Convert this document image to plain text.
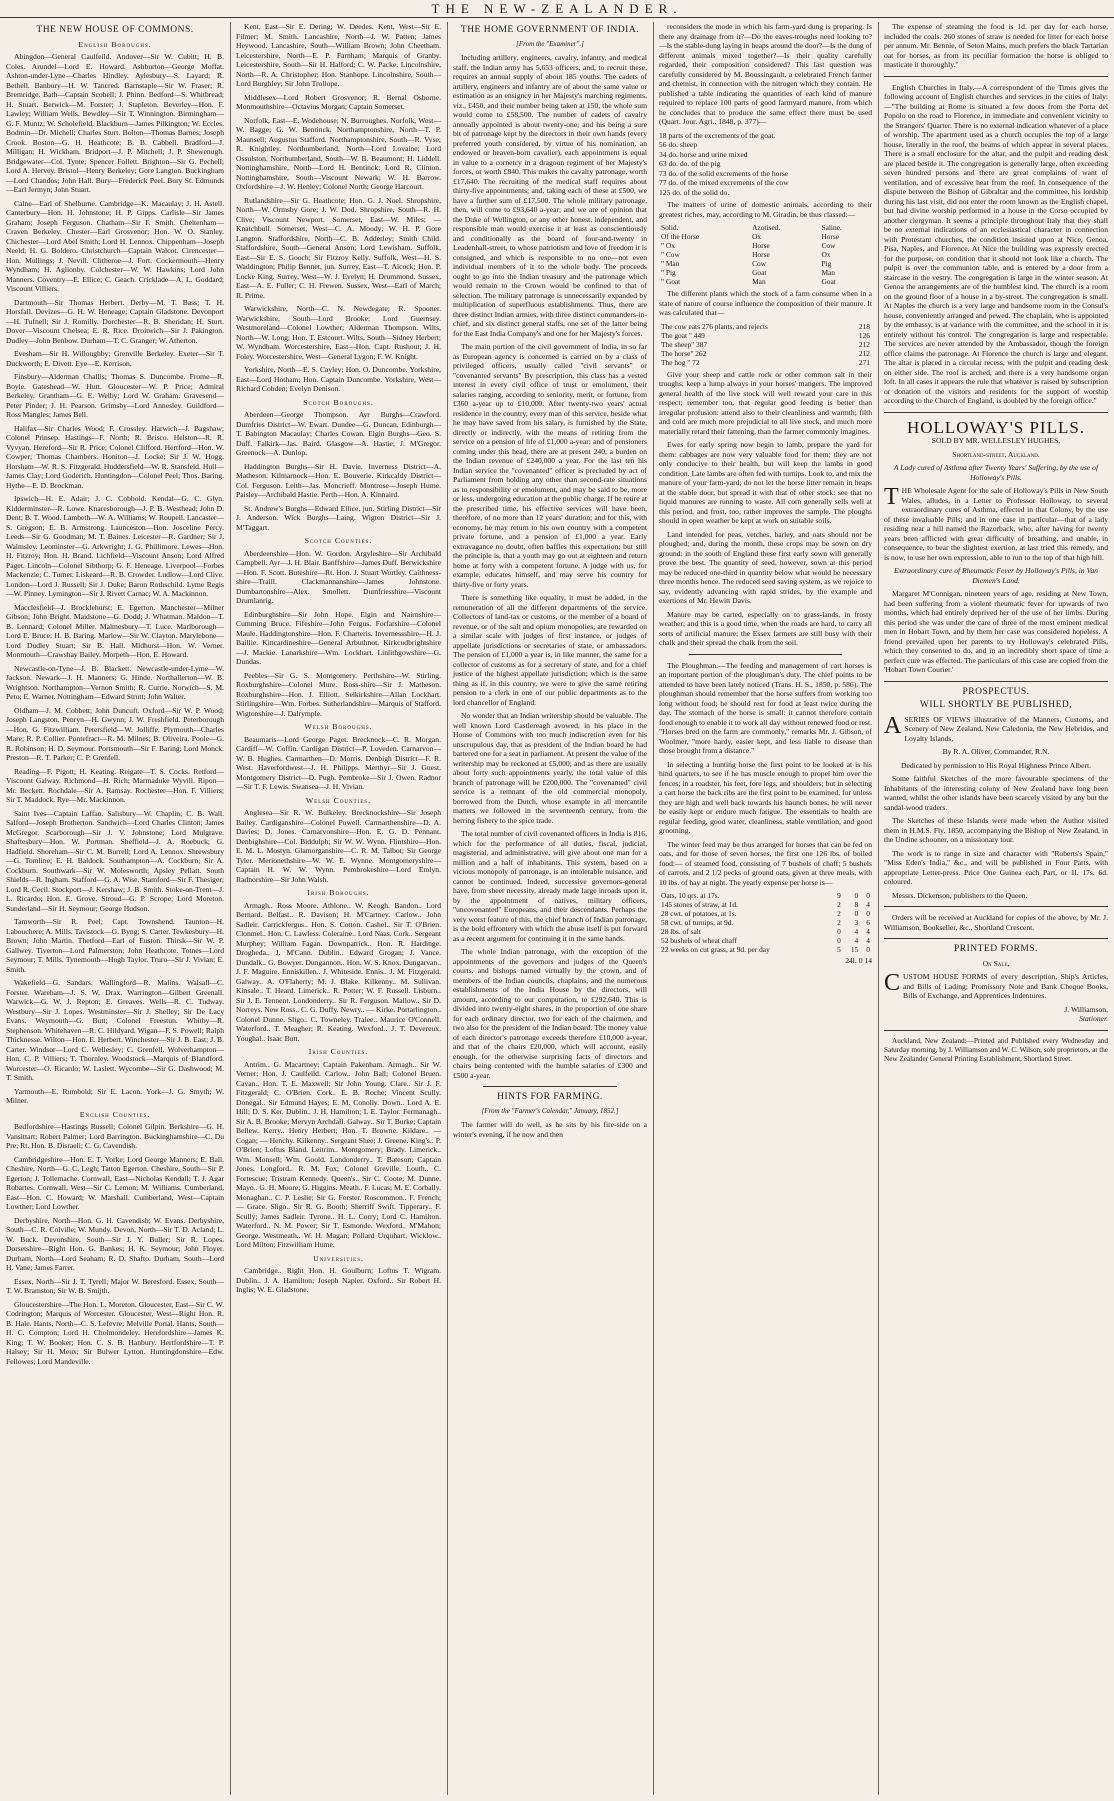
THE NEW-ZEALANDER.
THE NEW HOUSE OF COMMONS.
English Boroughs.

Abingdon—General Caulfeild. Andover—Sir W. Cubitt; H. B. Coles. Arundel—Lord E. Howard. Ashburton—George Moffat. Ashton-under-Lyne—Charles Hindley. Aylesbury—S. Layard; R. Bethell. Banbury—H. W. Tancred. Barnstaple—Sir W. Fraser; R. Bremridge. Bath—Captain Scobell; J. Phinn. Bedford—S. Whitbread; H. Stuart. Berwick—M. Forster; J. Stapleton. Beverley—Hon. F. Lawley; William Wells. Bewdley—Sir T. Winnington. Birmingham—G. F. Muntz; W. Scholefield. Blackburn—James Pilkington; W. Eccles. Bodmin—Dr. Michell; Charles Sturt. Bolton—Thomas Barnes; Joseph Crook. Boston—G. H. Heathcote; B. B. Cabbell. Bradford—J. Milligan; H. Wickham. Bridport—J. P. Mitchell; J. P. Shewenugh. Bridgewater—Col. Tynte; Spencer Follett. Brighton—Sir G. Pechell; Lord A. Hervey. Bristol—Henry Berkeley; Gore Langton. Buckingham—Lord Chandos; John Hall. Bury—Frederick Peel. Bury St. Edmunds—Earl Jermyn; John Stuart.

Calne—Earl of Shelburne. Cambridge—K. Macaulay; J. H. Astell. Canterbury—Hon. H. Johnstone; H. P. Gipps. Carlisle—Sir James Graham; Joseph Ferguson. Chatham—Sir F. Smith. Cheltenham—Craven Berkeley. Chester—Earl Grosvenor; Hon. W. O. Stanley. Chichester—Lord Abel Smith; Lord H. Lennox. Chippenham—Joseph Neeld; H. G. Boldero. Christchurch—Captain Walcot. Cirencester—Hon. Mullings; J. Nevill. Clitheroe—J. Fort. Cockermouth—Henry Wyndham; H. Aglionby. Colchester—W. W. Hawkins; Lord John Manners. Coventry—E. Ellice; C. Geach. Cricklade—A. L. Goddard; Viscount Villiers.

Dartmouth—Sir Thomas Herbert. Derby—M. T. Bass; T. H. Horsfall. Devizes—G. H. W. Heneage; Captain Gladstone. Devonport—H. Tufnell; Sir J. Romilly. Dorchester—R. B. Sheridan; H. Sturt. Dover—Viscount Chelsea; E. R. Rice. Droitwich—Sir J. Pakington. Dudley—John Benbow. Durham—T. C. Granger; W. Atherton.

Evesham—Sir H. Willoughby; Grenville Berkeley. Exeter—Sir T. Duckworth; E. Divett. Eye—E. Kerrison.

Finsbury—Alderman Challis; Thomas S. Duncombe. Frome—R. Boyle. Gateshead—W. Hutt. Gloucester—W. P. Price; Admiral Berkeley. Grantham—G. E. Welby; Lord W. Graham. Gravesend—Peter Pinder; J. H. Pearson. Grimsby—Lord Annesley. Guildford—Ross Mangles; James Bell.

Halifax—Sir Charles Wood; F. Crossley. Harwich—J. Bagshaw; Colonel Prinsep. Hastings—F. North; R. Brisco. Helston—R. R. Vyvyan. Hereford—Sir R. Price; Colonel Clifford. Hertford—Hon. W. Cowper; Thomas Chambers. Honiton—J. Locke; Sir J. W. Hogg. Horsham—W. R. S. Fitzgerald. Huddersfield—W. R. Stansfeld. Hull—James Clay; Lord Goderich. Huntingdon—Colonel Peel; Thos. Baring. Hythe—E. D. Brockman.

Ipswich—H. E. Adair; J. C. Cobbold. Kendal—G. C. Glyn. Kidderminster—R. Lowe. Knaresborough—J. P. B. Westhead; John D. Dent; B. T. Wood. Lambeth—W. A. Williams; W. Roupell. Lancaster—S. Gregson; E. B. Armstrong. Launceston—Hon. Josceline Percy. Leeds—Sir G. Goodman; M. T. Baines. Leicester—R. Gardner; Sir J. Walmsley. Leominster—G. Arkwright; J. G. Phillimore. Lewes—Hon. H. Fitzroy; Hon. H. Brand. Lichfield—Viscount Anson; Lord Alfred Paget. Lincoln—Colonel Sibthorp; G. F. Heneage. Liverpool—Forbes Mackenzie; C. Turner. Liskeard—R. B. Crowder. Ludlow—Lord Clive. London—Lord J. Russell; Sir J. Duke; Baron Rothschild. Lyme Regis—W. Pinney. Lymington—Sir J. Rivett Carnac; W. A. Mackinnon.

Macclesfield—J. Brocklehurst; E. Egerton. Manchester—Milner Gibson; John Bright. Maidstone—G. Dodd; J. Whatman. Maldon—T. B. Lennard; Colonel Miller. Malmesbury—T. Luce. Marlborough—Lord E. Bruce; H. B. Baring. Marlow—Sir W. Clayton. Marylebone—Lord Dudley Stuart; Sir B. Hall. Midhurst—Hon. W. Verner. Monmouth—Crawshay Bailey. Morpeth—Hon. E. Howard.

Newcastle-on-Tyne—J. B. Blackett. Newcastle-under-Lyme—W. Jackson. Newark—J. H. Manners; G. Hinde. Northallerton—W. B. Wrightson. Northampton—Vernon Smith; R. Currie. Norwich—S. M. Peto; E. Warner. Nottingham—Edward Strutt; John Walter.

Oldham—J. M. Cobbett; John Duncuft. Oxford—Sir W. P. Wood; Joseph Langston. Penryn—H. Gwynn; J. W. Freshfield. Peterborough—Hon. G. Fitzwilliam. Petersfield—W. Jolliffe. Plymouth—Charles Mare; R. P. Collier. Pontefract—R. M. Milnes; B. Oliveira. Poole—G. R. Robinson; H. D. Seymour. Portsmouth—Sir F. Baring; Lord Monck. Preston—R. T. Parker; C. P. Grenfell.

Reading—F. Pigott; H. Keating. Reigate—T. S. Cocks. Retford—Viscount Galway. Richmond—H. Rich; Marmaduke Wyvill. Ripon—Mr. Beckett. Rochdale—Sir A. Ramsay. Rochester—Hon. F. Villiers; Sir T. Maddock. Rye—Mr. Mackinnon.

Saint Ives—Captain Laffan. Salisbury—W. Chaplin; C. B. Wall. Salford—Joseph Brotherton. Sandwich—Lord Charles Clinton; James McGregor. Scarborough—Sir J. V. Johnstone; Lord Mulgrave. Shaftesbury—Hon. W. Portman. Sheffield—J. A. Roebuck; G. Hadfield. Shoreham—Sir C. M. Burrell; Lord A. Lennox. Shrewsbury—G. Tomline; E. H. Baldock. Southampton—A. Cockburn; Sir A. Cockburn. Southwark—Sir W. Molesworth; Apsley Pellatt. South Shields—R. Ingham. Stafford—G. A. Wise. Stamford—Sir F. Thesiger; Lord R. Cecil. Stockport—J. Kershaw; J. B. Smith. Stoke-on-Trent—J. L. Ricardo; Hon. E. Grove. Stroud—G. P. Scrope; Lord Moreton. Sunderland—Sir H. Seymour; George Hudson.

Tamworth—Sir R. Peel; Capt. Townshend. Taunton—H. Labouchere; A. Mills. Tavistock—G. Byng; S. Carter. Tewkesbury—H. Brown; John Martin. Thetford—Earl of Euston. Thirsk—Sir W. P. Gallwey. Tiverton—Lord Palmerston; John Heathcote. Totnes—Lord Seymour; T. Mills. Tynemouth—Hugh Taylor. Truro—Sir J. Vivian; E. Smith.

Wakefield—G. Sandars. Wallingford—R. Malins. Walsall—C. Forster. Wareham—J. S. W. Drax. Warrington—Gilbert Greenall. Warwick—G. W. J. Repton; E. Greaves. Wells—R. C. Tudway. Westbury—Sir J. Lopes. Westminster—Sir J. Shelley; Sir De Lacy Evans. Weymouth—G. Butt; Colonel Freestun. Whitby—R. Stephenson. Whitehaven—R. C. Hildyard. Wigan—F. S. Powell; Ralph Thicknesse. Wilton—Hon. E. Herbert. Winchester—Sir J. B. East; J. B. Carter. Windsor—Lord C. Wellesley; C. Grenfell. Wolverhampton—Hon. C. P. Villiers; T. Thornley. Woodstock—Marquis of Blandford. Worcester—O. Ricardo; W. Laslett. Wycombe—Sir G. Dashwood; M. T. Smith.

Yarmouth—E. Rumbold; Sir E. Lacon. York—J. G. Smyth; W. Milner.

English Counties.

Bedfordshire—Hastings Russell; Colonel Gilpin. Berkshire—G. H. Vansittart; Robert Palmer; Lord Barrington. Buckinghamshire—C. Du Pre; Rt. Hon. B. Disraeli; C. G. Cavendish.

Cambridgeshire—Hon. E. T. Yorke; Lord George Manners; E. Ball. Cheshire, North—G. C. Legh; Tatton Egerton. Cheshire, South—Sir P. Egerton; J. Tollemache. Cornwall, East—Nicholas Kendall; T. J. Agar Robartes. Cornwall, West—Sir C. Lemon; M. Williams. Cumberland, East—Hon. C. Howard; W. Marshall. Cumberland, West—Captain Lowther; Lord Lowther.

Derbyshire, North—Hon. G. H. Cavendish; W. Evans. Derbyshire, South—C. R. Colville; W. Mundy. Devon, North—Sir T. D. Acland; L. W. Buck. Devonshire, South—Sir J. Y. Buller; Sir R. Lopes. Dorsetshire—Right Hon. G. Bankes; H. K. Seymour; John Floyer. Durham, North—Lord Seaham; R. D. Shafto. Durham, South—Lord H. Vane; James Farrer.

Essex, North—Sir J. T. Tyrell; Major W. Beresford. Essex, South—T. W. Bramston; Sir W. B. Smijth.

Gloucestershire—The Hon. L. Moreton. Gloucester, East—Sir C. W. Codrington; Marquis of Worcester. Gloucester, West—Right Hon. R. B. Hale. Hants, North—C. S. Lefevre; Melville Portal. Hants, South—H. C. Compton; Lord H. Cholmondeley. Herefordshire—James K. King; T. W. Booker; Hon. C. S. B. Hanbury. Hertfordshire—T. P. Halsey; Sir H. Meux; Sir Bulwer Lytton. Huntingdonshire—Edw. Fellowes; Lord Mandeville.

Kent, East—Sir E. Dering; W. Deedes. Kent, West—Sir E. Filmer; M. Smith. Lancashire, North—J. W. Patten; James Heywood. Lancashire, South—William Brown; John Cheetham. Leicestershire, North—E. P. Farnham; Marquis of Granby. Leicestershire, South—Sir H. Halford; C. W. Packe. Lincolnshire, North—R. A. Christopher; Hon. Stanhope. Lincolnshire, South—Lord Burghley; Sir John Trollope.

Middlesex—Lord Robert Grosvenor; R. Bernal Osborne. Monmouthshire—Octavius Morgan; Captain Somerset.

Norfolk, East—E. Wodehouse; N. Burroughes. Norfolk, West—W. Bagge; G. W. Bentinck. Northamptonshire, North—T. P. Maunsell; Augustus Stafford. Northamptonshire, South—R. Vyse; R. Knightley. Northumberland, North—Lord Lovaine; Lord Ossulston. Northumberland, South—W. B. Beaumont; H. Liddell. Nottinghamshire, North—Lord H. Bentinck; Lord R. Clinton. Nottinghamshire, South—Viscount Newark; W. H. Barrow. Oxfordshire—J. W. Henley; Colonel North; George Harcourt.

Rutlandshire—Sir G. Heathcote; Hon. G. J. Noel. Shropshire, North—W. Ormsby Gore; J. W. Dod. Shropshire, South—R. H. Clive; Viscount Newport. Somerset, East—W. Miles; —Knatchbull. Somerset, West—C. A. Moody; W. H. P. Gore Langton. Staffordshire, North—C. B. Adderley; Smith Child. Staffordshire, South—General Anson; Lord Lewisham. Suffolk, East—Sir E. S. Gooch; Sir Fitzroy Kelly. Suffolk, West—H. S. Waddington; Philip Bennet, jun. Surrey, East—T. Alcock; Hon. P. Locke King. Surrey, West—W. J. Evelyn; H. Drummond. Sussex, East—A. E. Fuller; C. H. Frewen. Sussex, West—Earl of March; R. Prime.

Warwickshire, North—C. N. Newdegate; R. Spooner. Warwickshire, South—Lord Brooke; Lord Guernsey. Westmoreland—Colonel Lowther; Alderman Thompson. Wilts, North—W. Long; Hon. T. Estcourt. Wilts, South—Sidney Herbert; W. Wyndham. Worcestershire, East—Hon. Capt. Rushout; J. H. Foley. Worcestershire, West—General Lygon; F. W. Knight.

Yorkshire, North—E. S. Cayley; Hon. O. Duncombe. Yorkshire, East—Lord Hotham; Hon. Captain Duncombe. Yorkshire, West—Richard Cobden; Evelyn Denison.

Scotch Boroughs.

Aberdeen—George Thompson. Ayr Burghs—Crawford. Dumfries District—W. Ewart. Dundee—G. Duncan. Edinburgh—T. Babington Macaulay; Charles Cowan. Elgin Burghs—Geo. S. Duff. Falkirk—Jas. Baird. Glasgow—A. Hastie; J. M'Gregor. Greenock—A. Dunlop.

Haddington Burghs—Sir H. Davie. Inverness District—A. Matheson. Kilmarnock—Hon. E. Bouverie. Kirkcaldy District—Col. Ferguson. Leith—Jas. Moncrieff. Montrose—Joseph Hume. Paisley—Archibald Hastie. Perth—Hon. A. Kinnaird.

St. Andrew's Burghs—Edward Ellice, jun. Stirling District—Sir J. Anderson. Wick Burghs—Laing. Wigton District—Sir J. M'Taggart.

Scotch Counties.

Aberdeenshire—Hon. W. Gordon. Argyleshire—Sir Archibald Campbell. Ayr—J. H. Blair. Banffshire—James Duff. Berwickshire—Hon. F. Scott. Buteshire—Rt. Hon. J. Stuart Wortley. Caithness-shire—Traill. Clackmannanshire—James Johnstone. Dumbartonshire—Alex. Smollett. Dumfriesshire—Viscount Drumlanrig.

Edinburghshire—Sir John Hope. Elgin and Nairnshire—Cumming Bruce. Fifeshire—John Fergus. Forfarshire—Colonel Maule. Haddingtonshire—Hon. F. Charteris. Invernessshire—H. J. Baillie. Kincardineshire—General Arbuthnot. Kirkcudbrightshire—J. Mackie. Lanarkshire—Wm. Lockhart. Linlithgowshire—G. Dundas.

Peebles—Sir G. S. Montgomery. Perthshire—W. Stirling. Roxburghshire—Colonel Mure. Ross-shire—Sir J. Matheson. Roxburghshire—Hon. J. Elliott. Selkirkshire—Allan Lockhart. Stirlingshire—Wm. Forbes. Sutherlandshire—Marquis of Stafford. Wigtonshire—J. Dalrymple.

Welsh Boroughs.

Beaumaris—Lord George Paget. Brecknock—C. R. Morgan. Cardiff—W. Coffin. Cardigan District—P. Loveden. Carnarvon—W. B. Hughes. Carmarthen—D. Morris. Denbigh District—F. R. West. Haverfordwest—J. H. Philipps. Merthyr—Sir J. Guest. Montgomery District—D. Pugh. Pembroke—Sir J. Owen. Radnor—Sir T. F. Lewis. Swansea—J. H. Vivian.

Welsh Counties.

Anglesea—Sir R. W. Bulkeley. Brecknockshire—Sir Joseph Bailey. Cardiganshire—Colonel Powell. Carmarthenshire—D. A. Davies; D. Jones. Carnarvonshire—Hon. E. G. D. Pennant. Denbighshire—Col. Biddulph; Sir W. W. Wynn. Flintshire—Hon. E. M. L. Mostyn. Glamorganshire—C. R. M. Talbot; Sir George Tyler. Merionethshire—W. W. E. Wynne. Montgomeryshire—Captain H. W. W. Wynn. Pembrokeshire—Lord Emlyn. Radnorshire—Sir John Walsh.

Irish Boroughs.

Armagh.. Ross Moore. Athlone.. W. Keogh. Bandon.. Lord Bernard. Belfast.. R. Davison; H. M'Cartney. Carlow.. John Sadleir. Carrickfergus.. Hon. S. Cotton. Cashel.. Sir T. O'Brien. Clonmel.. Hon. C. Lawless. Coleraine.. Lord Naas. Cork.. Sergeant Murphey; William Fagan. Downpatrick.. Hon. R. Hardinge. Drogheda.. J. M'Cann. Dublin.. Edward Grogan; J. Vance. Dundalk.. G. Bowyer. Dungannon.. Hon. W. S. Knox. Dungarvan.. J. F. Maguire. Enniskillen.. J. Whiteside. Ennis.. J. M. Fitzgerald. Galway.. A. O'Flaherty; M. J. Blake. Kilkenny.. M. Sullivan. Kinsale.. T. Heard. Limerick.. R. Potter; W. F. Russell. Lisburn.. Sir J. E. Tennent. Londonderry.. Sir R. Ferguson. Mallow.. Sir D. Norreys. New Ross.. C. G. Duffy. Newry.. — Kirke. Portarlington.. Colonel Dunne. Sligo.. C. Towneley. Tralee.. Maurice O'Connell. Waterford.. T. Meagher; R. Keating. Wexford.. J. T. Devereux. Youghal.. Isaac Butt.

Irish Counties.

Antrim.. G. Macartney; Captain Pakenham. Armagh.. Sir W. Verner; Hon. J. Caulfeild. Carlow.. John Ball; Colonel Bruen. Cavan.. Hon. T. E. Maxwell; Sir John Young. Clare.. Sir J. F. Fitzgerald; C. O'Brien. Cork.. E. B. Roche; Vincent Scully. Donegal.. Sir Edmund Hayes; E. M. Conolly. Down.. Lord A. E. Hill; D. S. Ker. Dublin.. J. H. Hamilton; I. E. Taylor. Fermanagh.. Sir A. B. Brooke; Mervyn Archdall. Galway.. Sir T. Burke; Captain Bellew. Kerry.. Henry Herbert; Hon. T. Browne. Kildare.. — Cogan; — Henchy. Kilkenny.. Sergeant Shee; J. Greene. King's.. P. O'Brien; Loftus Bland. Leitrim.. Montgomery; Brady. Limerick.. Wm. Monsell; Wm. Goold. Londonderry.. T. Bateson; Captain Jones. Longford.. R. M. Fox; Colonel Greville. Louth.. C. Fortescue; Tristram Kennedy. Queen's.. Sir C. Coote; M. Dunne. Mayo.. G. H. Moore; G. Higgins. Meath.. F. Lucas; M. E. Corbally. Monaghan.. C. P. Leslie; Sir G. Forster. Roscommon.. F. French; — Grace. Sligo.. Sir R. G. Booth; Sherriff Swift. Tipperary.. F. Scully; James Sadleir. Tyrone.. H. L. Corry; Lord C. Hamilton. Waterford.. N. M. Power; Sir T. Esmonde. Wexford.. M'Mahon; George. Westmeath.. W. H. Magan; Pollard Urquhart. Wicklow.. Lord Milton; Fitzwilliam Hume.

Universities.

Cambridge.. Right Hon. H. Goulburn; Loftus T. Wigram. Dublin.. J. A. Hamilton; Joseph Napier. Oxford.. Sir Robert H. Inglis; W. E. Gladstone.

THE HOME GOVERNMENT OF INDIA.

[From the "Examiner".]

Including artillery, engineers, cavalry, infantry, and medical staff, the Indian army has 5,653 officers, and, to recruit these, requires an annual supply of about 185 youths. The cadets of artillery, engineers and infantry are of about the same value or estimation as an ensigncy in her Majesty's marching regiments, viz., £450, and their number being taken at 150, the whole sum would come to £58,500. The number of cadets of cavalry annually appointed is about twenty-one; and his being a sure bit of patronage kept by the directors in their own hands (every preferred youth considered, by virtue of his nomination, an endowed or heaven-born cavalier), each appointment is equal in value to a cornetcy in a dragoon regiment of her Majesty's forces, or worth £840. This makes the cavalry patronage, worth £17,640. The recruiting of the medical staff requires about thirty-five appointments; and, taking each of these at £500, we have a further sum of £17,500. The whole military patronage, then, will come to £93,640 a-year; and we are of opinion that the Duke of Wellington, or any other honest, independent, and responsible man would exercise it at least as conscientiously and conditionally as the board of four-and-twenty in Leadenhall-street, to whose patriotism and love of freedom it is consigned, and which is responsible to no one—not even individual members of it to the whole body. The proceeds ought to go into the Indian treasury and the patronage which would remain to the Crown would be confined to that of selection. The military patronage is unnecessarily expanded by multiplication of superfluous establishments. Thus, there are three distinct Indian armies, with three distinct commanders-in-chief, and six distinct general staffs, one set of the latter being for the East India Company's and one for her Majesty's forces.

The main portion of the civil government of India, in so far as European agency is concerned is carried on by a class of privileged officers, usually called "civil servants" or "covenanted servants" By prescription, this class has a vested interest in every civil office of trust or emolument, their salaries ranging, according to seniority, merit, or fortune, from £360 a-year up to £10,000. After twenty-two years' actual residence in the country, every man of this service, beside what he may have saved from his salary, is furnished by the State, directly or indirectly, with the means of retiring from the service on a pension of life of £1,000 a-year; and of pensioners coming under this head, there are at present 240, a burden on the Indian revenue of £240,000 a year. For the last ten his Indian service the "covenanted" officer is precluded by act of Parliament from holding any other than second-rate situations as to responsibility or emolument, and may be said to be, more or less, undergoing education at the public charge. If he retire at the prescribed time, his effective services will have been, therefore, of no more than 12 years' duration; and for this, with economy, he may return to his own country with a competent private fortune, and a pension of £1,000 a year. Early extravagance no doubt, often baffles this expectation; but still the principle is, that a youth may go out at eighteen and return home at forty with a competent fortune. A judge with us, for example, educates himself, and may serve his country for thirty-five or forty years.

There is something like equality, it must be added, in the remuneration of all the different departments of the service. Collectors of land-tax or customs, or the member of a board of revenue, or of the salt and opium monopolies, are rewarded on a similar scale with judges of first instance, or judges of appellate jurisdictions or secretaries of state, or ambassadors. The pension of £1,000 a year is, in like manner, the same for a collector of customs as for a secretary of state, and for a chief justice of the highest appellate jurisdiction; which is the same thing as if, in this country, we were to give the same retiring pension to a clerk in one of our public departments as to the lord chancellor of England.

No wonder that an Indian writership should be valuable. The well known Lord Castlereagh avowed, in his place in the House of Commons with too much indiscretion even for his unscrupulous day, that as president of the Indian board he had bartered one for a seat in parliament. At present the value of the writership may be reckoned at £5,000; and as there are usually about forty such appointments yearly, the total value of this branch of patronage will be £200,000. The "covenanted" civil service is a remnant of the old commercial monopoly, borrowed from the Dutch, whose example in all mercantile matters we followed in the seventeenth century, from the herring fishery to the spice trade.

The total number of civil covenanted officers in India is 816, which for the performance of all duties, fiscal, judicial, magisterial, and administrative, will give about one man for a million and a half of inhabitants. This system, based on a vicious monopoly of patronage, is an intolerable nuisance, and cannot be continued. Indeed, successive governors-general have, from sheer necessity, already made large inroads upon it, by the appointment of natives, military officers, "uncovenanted" Europeans, and their descendants. Perhaps the very worst feature of this, the chief branch of Indian patronage, is the bold effrontery with which the abuse itself is put forward as a recent argument for continuing it in the same hands.

The whole Indian patronage, with the exception of the appointments of the governors and judges of the Queen's courts, and bishops named virtually by the crown, and of members of the Indian councils, chaplains, and the numerous establishments of the India House by the directors, will amount, according to our computation, to £292,640. This is divided into twenty-eight shares, in the proportion of one share for each ordinary director, two for each of the chairmen, and two also for the president of the Indian board. The money value of each director's patronage exceeds therefore £10,000 a-year, and that of the chairs £20,000, which will account, easily enough, for the otherwise surprising facts of directors and chairs being contented with the humble salaries of £300 and £500 a-year.

HINTS FOR FARMING.

[From the "Farmer's Calendar," January, 1852.]

The farmer will do well, as he sits by his fire-side on a winter's evening, if he now and then

reconsiders the mode in which his farm-yard dung is preparing. Is there any drainage from it?—Do the eaves-troughs need looking to?—Is the stable-dung laying in heaps around the door?—Is the dung of different animals mixed together?—Is their quality carefully regarded, their composition considered? This last question was carefully considered by M. Boussingault, a celebrated French farmer and chemist, in connection with the nitrogen which they contain. He published a table indicating the quantities of each kind of manure required to replace 100 parts of good farmyard manure, from which he concludes that to produce the same effect there must be used (Quart. Jour. Agri., 1848, p. 377)—

18 parts of the excrements of the goat.

56 do. sheep

34 do. horse and urine mixed

63 do. do. of the pig

73 do. of the solid excrements of the horse

77 do. of the mixed excrements of the cow

125 do. of the solid do.

The matters of urine of domestic animals, according to their greatest riches, may, according to M. Giradin, be thus classed:—

Solid.	Azotised.	Saline.
Of the Horse	Ox	Horse
" Ox	Horse	Cow
" Cow	Horse	Ox
" Man	Cow	Pig
" Pig	Goat	Man
" Goat	Man	Goat

The different plants which the stock of a farm consume when in a state of nature of course influence the composition of their manure. It was calculated that—

The cow eats 276 plants, and rejects	218
The goat " 449	126
The sheep" 387	212
The horse" 262	212
The hog " 72	271

Give your sheep and cattle rock or other common salt in their troughs; keep a lump always in your horses' mangers. The improved general health of the live stock will well reward your care in this respect; remember too, that regular good feeding is better than irregular profusion: attend also to their cleanliness and warmth; filth and cold are much more prejudicial to all live stock, and much more materially retard their fattening, than the farmer commonly imagines.

Ewes for early spring now begin to lamb, prepare the yard for them: cabbages are now very valuable food for them; they are not only conducive to their health, but will keep the lambs in good condition. Late lambs are often fed with turnips. Look to, and mix the manure of your farm-yard; do not let the horse litter remain in heaps at the stable door, but spread it with that of other stock: see that no liquid manures are running to waste. All corn generally sells well at this period, and frost, too, rather improves the sample. The ploughs should in open weather be kept at work on suitable soils.

Land intended for peas, vetches, barley, and oats should not be ploughed; and, during the month, these crops may be sown on dry ground: in the south of England these first early sown will generally prove the best. The quantity of seed, however, sown at this period may be reduced one-third in quantity below what would be necessary three months hence. The reduced seed saving system, as we rejoice to say, evidently advancing with rapid strides, by the example and exertions of Mr. Hewitt Davis.

Manure may be carted, especially on to grass-lands, in frosty weather; and this is a good time, when the roads are hard, to carry all sorts of artificial manure; the Essex farmers are still busy with their chalk and their spread the chalk from the soil.

The Ploughman.—The feeding and management of cart horses is an important portion of the ploughman's duty. The chief points to be attended to have been lately noticed (Trans. H. S., 1850, p. 586). The ploughman should remember that the horse suffers from working too long without food; he should rest for food at least twice during the day. The stomach of the horse is small: it cannot therefore contain food enough to enable it to work all day without renewed food or rest. "Horses bred on the farm are commonly," remarks Mr. J. Gibson, of Woolmer, "more hardy, easier kept, and less liable to disease than those brought from a distance."

In selecting a hunting horse the first point to be looked at is his hind quarters, to see if he has muscle enough to propel him over the fences; in a roadster, his feet, fore legs, and shoulders; but in selecting a cart horse the back ribs are the first point to be examined, for unless they are high and well back towards his haunch bones, he will never be easily kept or endure much fatigue. The essentials to health are regular feeding, good water, cleanliness, stable ventilation, and good grooming.

The winter feed may be thus arranged for horses that can be fed on oats, and for those of seven horses, the first one 126 lbs. of boiled food:— of steamed food, consisting of 7 bushels of chaff; 5 bushels of carrots, and 2 1/2 pecks of ground oats, given at three meals, with 10 lbs. of hay at night. The yearly expense per horse is—

Oats, 10 qrs. at 17s.	9	0	0
145 stones of straw, at 1d.	2	8	4
28 cwt. of potatoes, at 1s.	2	0	0
58 cwt. of turnips, at 9d.	2	3	6
28 lbs. of salt	0	4	4
52 bushels of wheat chaff	0	4	4
22 weeks on cut grass, at 9d. per day	5	15	0

24l. 0 14

The expense of steaming the food is 1d. per day for each horse, included the coals. 260 stones of straw is needed for litter for each horse per annum. Mr. Bennie, of Seton Mains, much prefers the black Tartarian oat for horses, as from its peculiar formation the horse is obliged to masticate it thoroughly."

English Churches in Italy.—A correspondent of the Times gives the following account of English churches and services in the cities of Italy:—"The building at Rome is situated a few doors from the Porta del Popolo on the road to Florence, in immediate and convenient vicinity to the Strangers' Quarter. There is no external indication whatever of a place of worship. The apartment used as a church occupies the top of a large house, literally in the roof, the beams of which appear in several places. There is a small enclosure for the altar, and the pulpit and reading desk are placed beside it. The congregation is generally large, often exceeding seven hundred persons and there are great complaints of want of ventilation, and of excessive heat from the roof. In consequence of the dispute between the Bishop of Gibraltar and the committee, his lordship during his last visit, did not enter the room known as the English chapel, but had divine worship performed in a house in the Corso occupied by another clergyman. It seems a principle throughout Italy that they shall be no external indications of an ecclesiastical character in connection with Protestant churches, the condition insisted upon at Nice, Genoa, Pisa, Naples, and Florence. At Nice the building was expressly erected for the purpose, on condition that it should not look like a church. The pulpit is over the communion table, and is entered by a door from a staircase in the vestry. The congregation is large in the winter season. At Genoa the arrangements are of the humblest kind. The church is a room on the ground floor of a house in a by-street. The congregation is small. At Naples the church is a very large and handsome room in the Consul's house, conveniently arranged and pewed. The chaplain, who is appointed by the embassy, is at variance with the committee, and the school in it is entirely without his control. The congregation is large and respectable. The services are never attended by the Ambassador, though the foreign office claims the patronage. At Florence the church is large and elegant. The altar is placed in a circular recess, with the pulpit and reading desk on either side. The roof is arched, and there is a very handsome organ loft. In all cases it appears the rule that whatever is raised by subscription or donation of the visitors and residents for the support of worship according to the Church of England, is doubled by the foreign office."

HOLLOWAY'S PILLS.

SOLD BY MR. WELLESLEY HUGHES,

Shortland-street, Auckland.

A Lady cured of Asthma after Twenty Years' Suffering, by the use of Holloway's Pills.

THE Wholesale Agent for the sale of Holloway's Pills in New South Wales, alludes, in a Letter to Professor Holloway, to several extraordinary cures of Asthma, effected in that Colony, by the use of these invaluable Pills; and in one case in particular—that of a lady residing near a hill named the Razorback, who, after having for twenty years been afflicted with great difficulty of breathing, and unable, in consequence, to bear the slightest exertion, at last tried this remedy, and is now, to use her own expression, able to run to the top of that high hill.

Extraordinary cure of Rheumatic Fever by Holloway's Pills, in Van Diemen's Land.

Margaret M'Connigan, nineteen years of age, residing at New Town, had been suffering from a violent rheumatic fever for upwards of two months, which had entirely deprived her of the use of her limbs. During this period she was under the care of three of the most eminent medical men in Hobart Town, and by them her case was considered hopeless. A friend prevailed upon her parents to try Holloway's celebrated Pills, which they consented to do, and in an incredibly short space of time a perfect cure was effected. The particulars of this case are copied from the 'Hobart Town Courier.'

PROSPECTUS.
WILL SHORTLY BE PUBLISHED,

ASERIES OF VIEWS illustrative of the Manners, Customs, and Scenery of New Zealand, New Caledonia, the New Hebrides, and Loyalty Islands,

By R. A. Oliver, Commander, R.N.

Dedicated by permission to His Royal Highness Prince Albert.

Some faithful Sketches of the more favourable specimens of the Inhabitants of the interesting colony of New Zealand have long been wanted, whilst the other islands have been scarcely visited by any but the sandal-wood traders.

The Sketches of these Islands were made when the Author visited them in H.M.S. Fly, 1850, accompanying the Bishop of New Zealand, in the Undine schooner, on a missionary tour.

The work is to range in size and character with "Roberts's Spain," "Miss Eden's India," &c., and will be published in Four Parts, with appropriate Letter-press. Price One Guinea each Part, or 1l. 17s. 6d. coloured.

Messrs. Dickenson, publishers to the Queen.

Orders will be received at Auckland for copies of the above, by Mr. J. Williamson, Bookseller, &c., Shortland Crescent.

PRINTED FORMS.

On Sale,

CUSTOM HOUSE FORMS of every description, Ship's Articles, and Bills of Lading; Promissory Note and Bank Cheque Books, Bills of Exchange, and Apprentices Indentures.

J. Williamson,

Stationer.

Auckland, New Zealand:—Printed and Published every Wednesday and Saturday morning, by J. Williamson and W. C. Wilson, sole proprietors, at the New Zealander General Printing Establishment, Shortland Street.
